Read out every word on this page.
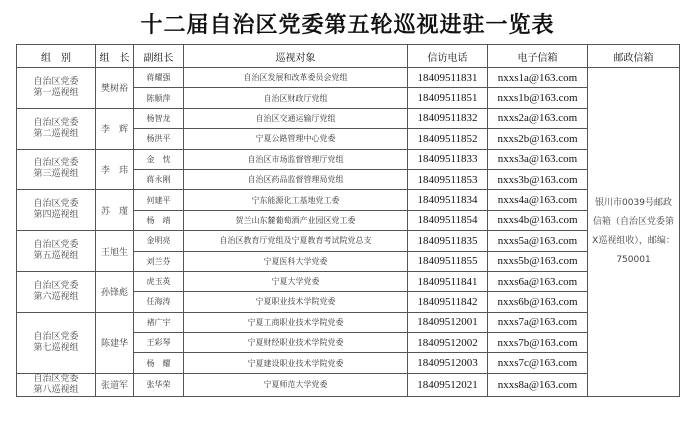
十二届自治区党委第五轮巡视进驻一览表
组　别	组　长	副组长	巡视对象	信访电话	电子信箱	邮政信箱

自治区党委
第一巡视组	樊树裕	蒋耀强	自治区发展和改革委员会党组	18409511831	nxxs1a@163.com	银川市0039号邮政信箱（自治区党委第X巡视组收），邮编：750001
		陈顺萍	自治区财政厅党组	18409511851	nxxs1b@163.com	

自治区党委
第二巡视组	李　辉	杨智龙	自治区交通运输厅党组	18409511832	nxxs2a@163.com	
		杨洪平	宁夏公路管理中心党委	18409511852	nxxs2b@163.com	

自治区党委
第三巡视组	李　玮	金　忱	自治区市场监督管理厅党组	18409511833	nxxs3a@163.com	
		蒋永刚	自治区药品监督管理局党组	18409511853	nxxs3b@163.com	

自治区党委
第四巡视组	苏　瑾	何建平	宁东能源化工基地党工委	18409511834	nxxs4a@163.com	
		杨　靖	贺兰山东麓葡萄酒产业园区党工委	18409511854	nxxs4b@163.com	

自治区党委
第五巡视组	王旭生	金明亮	自治区教育厅党组及宁夏教育考试院党总支	18409511835	nxxs5a@163.com	
		刘兰芬	宁夏医科大学党委	18409511855	nxxs5b@163.com	

自治区党委
第六巡视组	孙锋彪	虎玉英	宁夏大学党委	18409511841	nxxs6a@163.com	
		任海涛	宁夏职业技术学院党委	18409511842	nxxs6b@163.com	

自治区党委
第七巡视组	陈建华	褚广宇	宁夏工商职业技术学院党委	18409512001	nxxs7a@163.com	
		王彩琴	宁夏财经职业技术学院党委	18409512002	nxxs7b@163.com	
		杨　耀	宁夏建设职业技术学院党委	18409512003	nxxs7c@163.com	

自治区党委
第八巡视组	张道军	张华荣	宁夏师范大学党委	18409512021	nxxs8a@163.com	
